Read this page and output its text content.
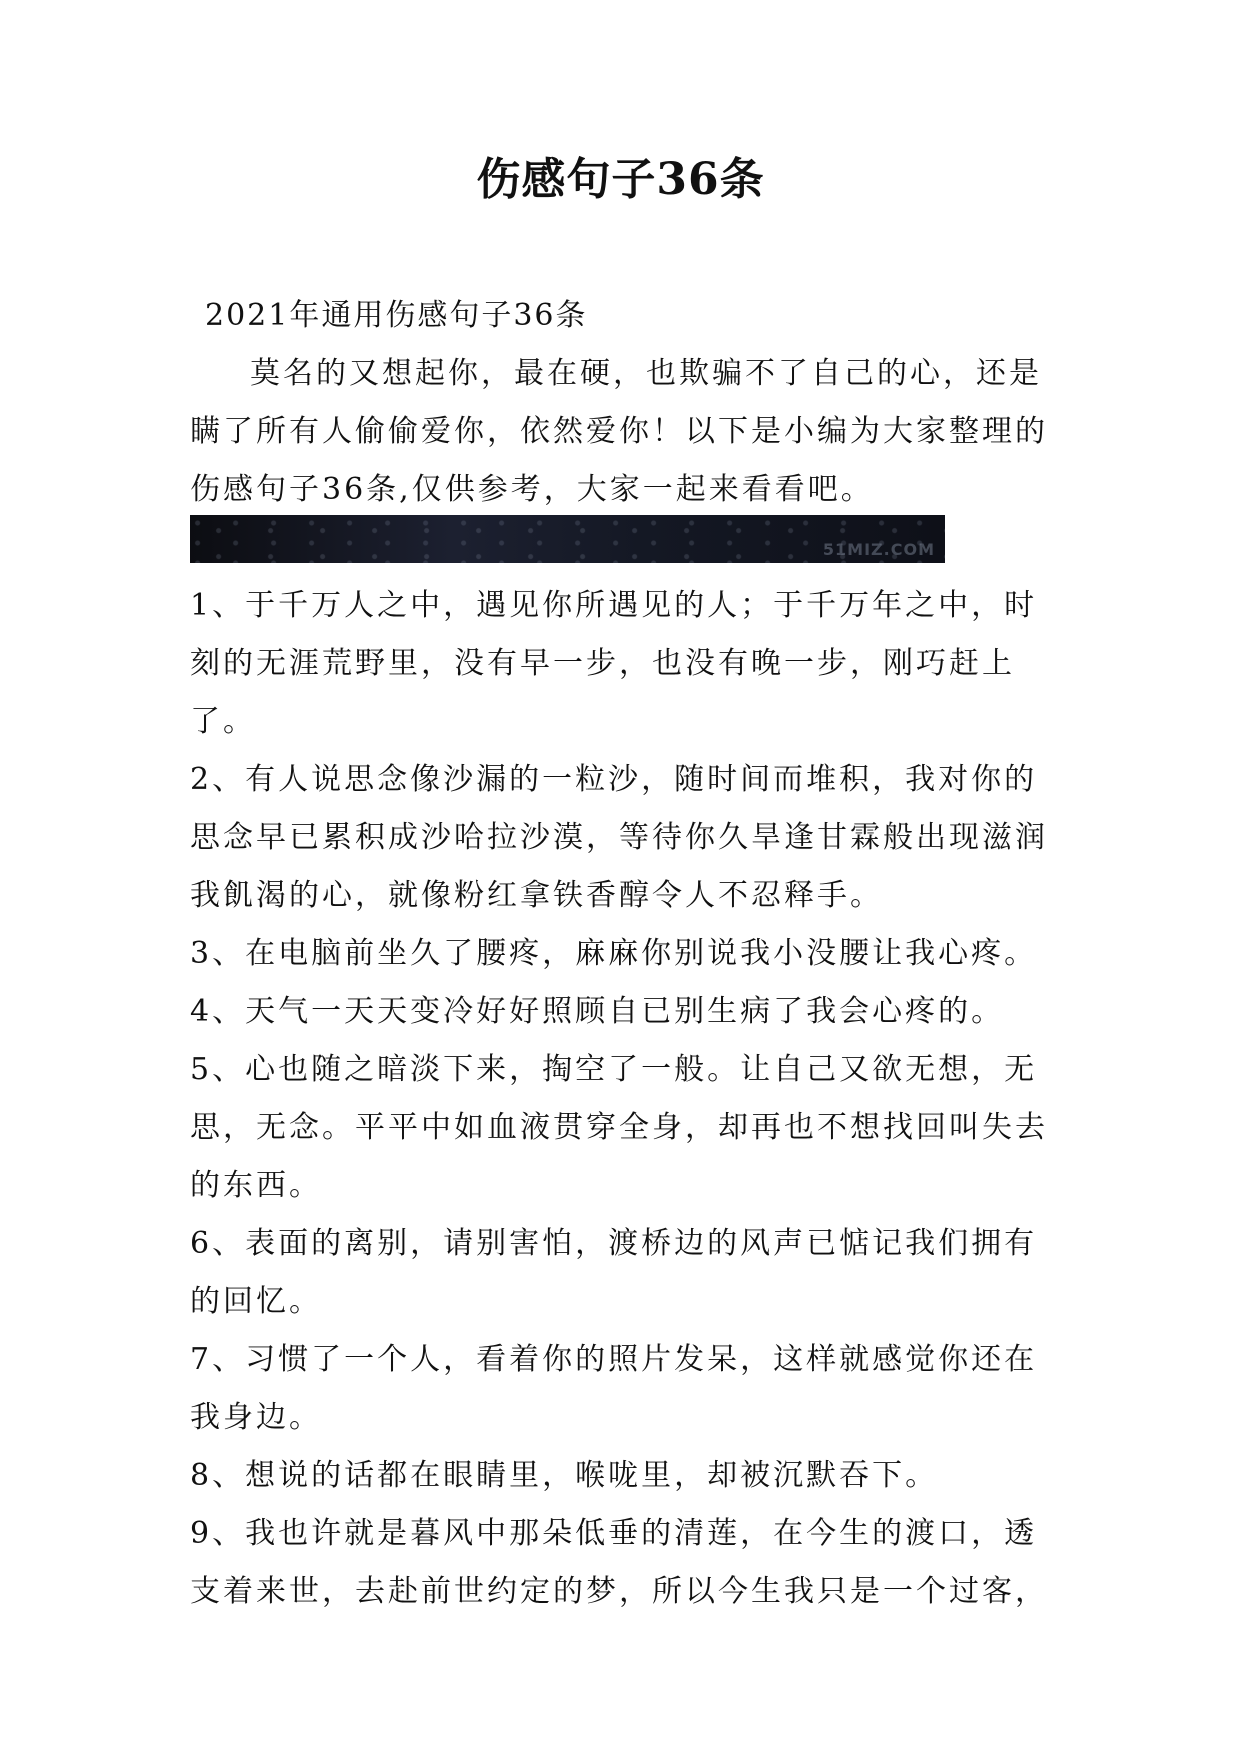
伤感句子36条
2021年通用伤感句子36条
莫名的又想起你，最在硬，也欺骗不了自己的心，还是瞒了所有人偷偷爱你，依然爱你！以下是小编为大家整理的伤感句子36条,仅供参考，大家一起来看看吧。
51MIZ.COM

1、于千万人之中，遇见你所遇见的人；于千万年之中，时刻的无涯荒野里，没有早一步，也没有晚一步，刚巧赶上了。

2、有人说思念像沙漏的一粒沙，随时间而堆积，我对你的思念早已累积成沙哈拉沙漠，等待你久旱逢甘霖般出现滋润我飢渴的心，就像粉红拿铁香醇令人不忍释手。

3、在电脑前坐久了腰疼，麻麻你别说我小没腰让我心疼。

4、天气一天天变冷好好照顾自已别生病了我会心疼的。

5、心也随之暗淡下来，掏空了一般。让自己又欲无想，无思，无念。平平中如血液贯穿全身，却再也不想找回叫失去的东西。

6、表面的离别，请别害怕，渡桥边的风声已惦记我们拥有的回忆。

7、习惯了一个人，看着你的照片发呆，这样就感觉你还在我身边。

8、想说的话都在眼睛里，喉咙里，却被沉默吞下。

9、我也许就是暮风中那朵低垂的清莲，在今生的渡口，透支着来世，去赴前世约定的梦，所以今生我只是一个过客，
